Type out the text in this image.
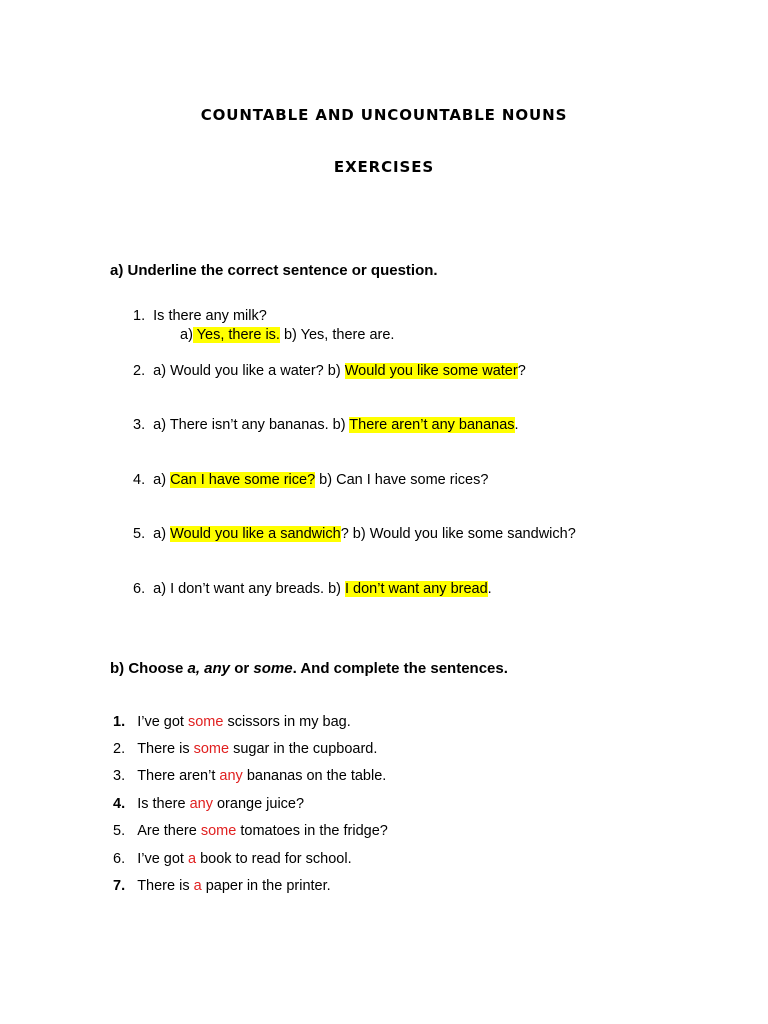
COUNTABLE AND UNCOUNTABLE NOUNS
EXERCISES
a) Underline the correct sentence or question.
1. Is there any milk?
a) Yes, there is. b) Yes, there are.
2. a) Would you like a water? b) Would you like some water?
3. a) There isn’t any bananas. b) There aren’t any bananas.
4. a) Can I have some rice? b) Can I have some rices?
5. a) Would you like a sandwich? b) Would you like some sandwich?
6. a) I don’t want any breads. b) I don’t want any bread.
b) Choose a, any or some. And complete the sentences.
1. I’ve got some scissors in my bag.
2. There is some sugar in the cupboard.
3. There aren’t any bananas on the table.
4. Is there any orange juice?
5. Are there some tomatoes in the fridge?
6. I’ve got a book to read for school.
7. There is a paper in the printer.
